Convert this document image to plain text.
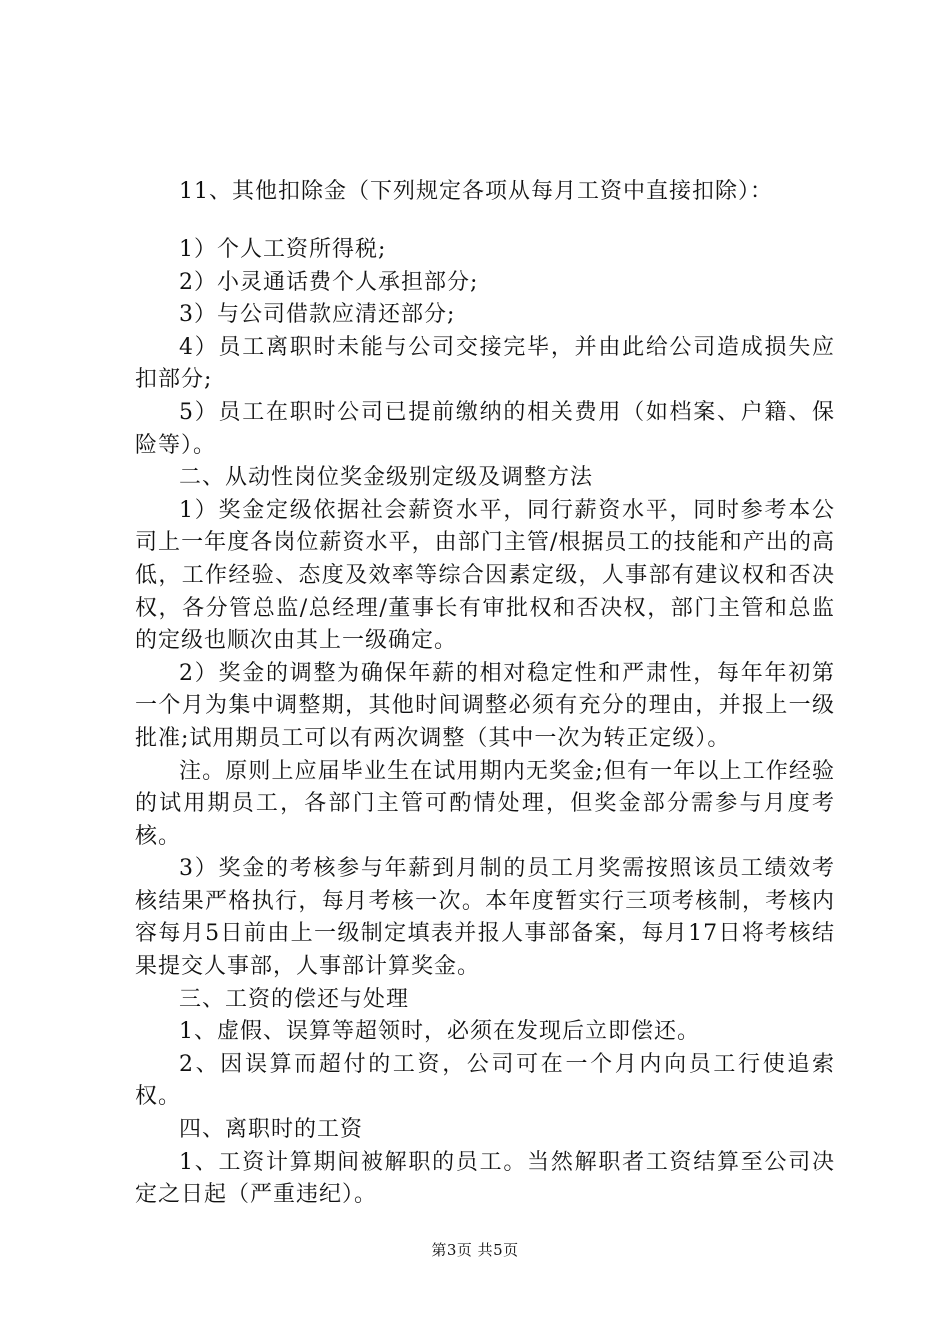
11、其他扣除金（下列规定各项从每月工资中直接扣除）：

1）个人工资所得税;

2）小灵通话费个人承担部分;

3）与公司借款应清还部分;

4）员工离职时未能与公司交接完毕，并由此给公司造成损失应扣部分;

5）员工在职时公司已提前缴纳的相关费用（如档案、户籍、保险等）。

二、从动性岗位奖金级别定级及调整方法

1）奖金定级依据社会薪资水平，同行薪资水平，同时参考本公司上一年度各岗位薪资水平，由部门主管/根据员工的技能和产出的高低，工作经验、态度及效率等综合因素定级，人事部有建议权和否决权，各分管总监/总经理/董事长有审批权和否决权，部门主管和总监的定级也顺次由其上一级确定。

2）奖金的调整为确保年薪的相对稳定性和严肃性，每年年初第一个月为集中调整期，其他时间调整必须有充分的理由，并报上一级批准;试用期员工可以有两次调整（其中一次为转正定级）。

注。原则上应届毕业生在试用期内无奖金;但有一年以上工作经验的试用期员工，各部门主管可酌情处理，但奖金部分需参与月度考核。

3）奖金的考核参与年薪到月制的员工月奖需按照该员工绩效考核结果严格执行，每月考核一次。本年度暂实行三项考核制，考核内容每月5日前由上一级制定填表并报人事部备案，每月17日将考核结果提交人事部，人事部计算奖金。

三、工资的偿还与处理

1、虚假、误算等超领时，必须在发现后立即偿还。

2、因误算而超付的工资，公司可在一个月内向员工行使追索权。

四、离职时的工资

1、工资计算期间被解职的员工。当然解职者工资结算至公司决定之日起（严重违纪）。

第3页 共5页
